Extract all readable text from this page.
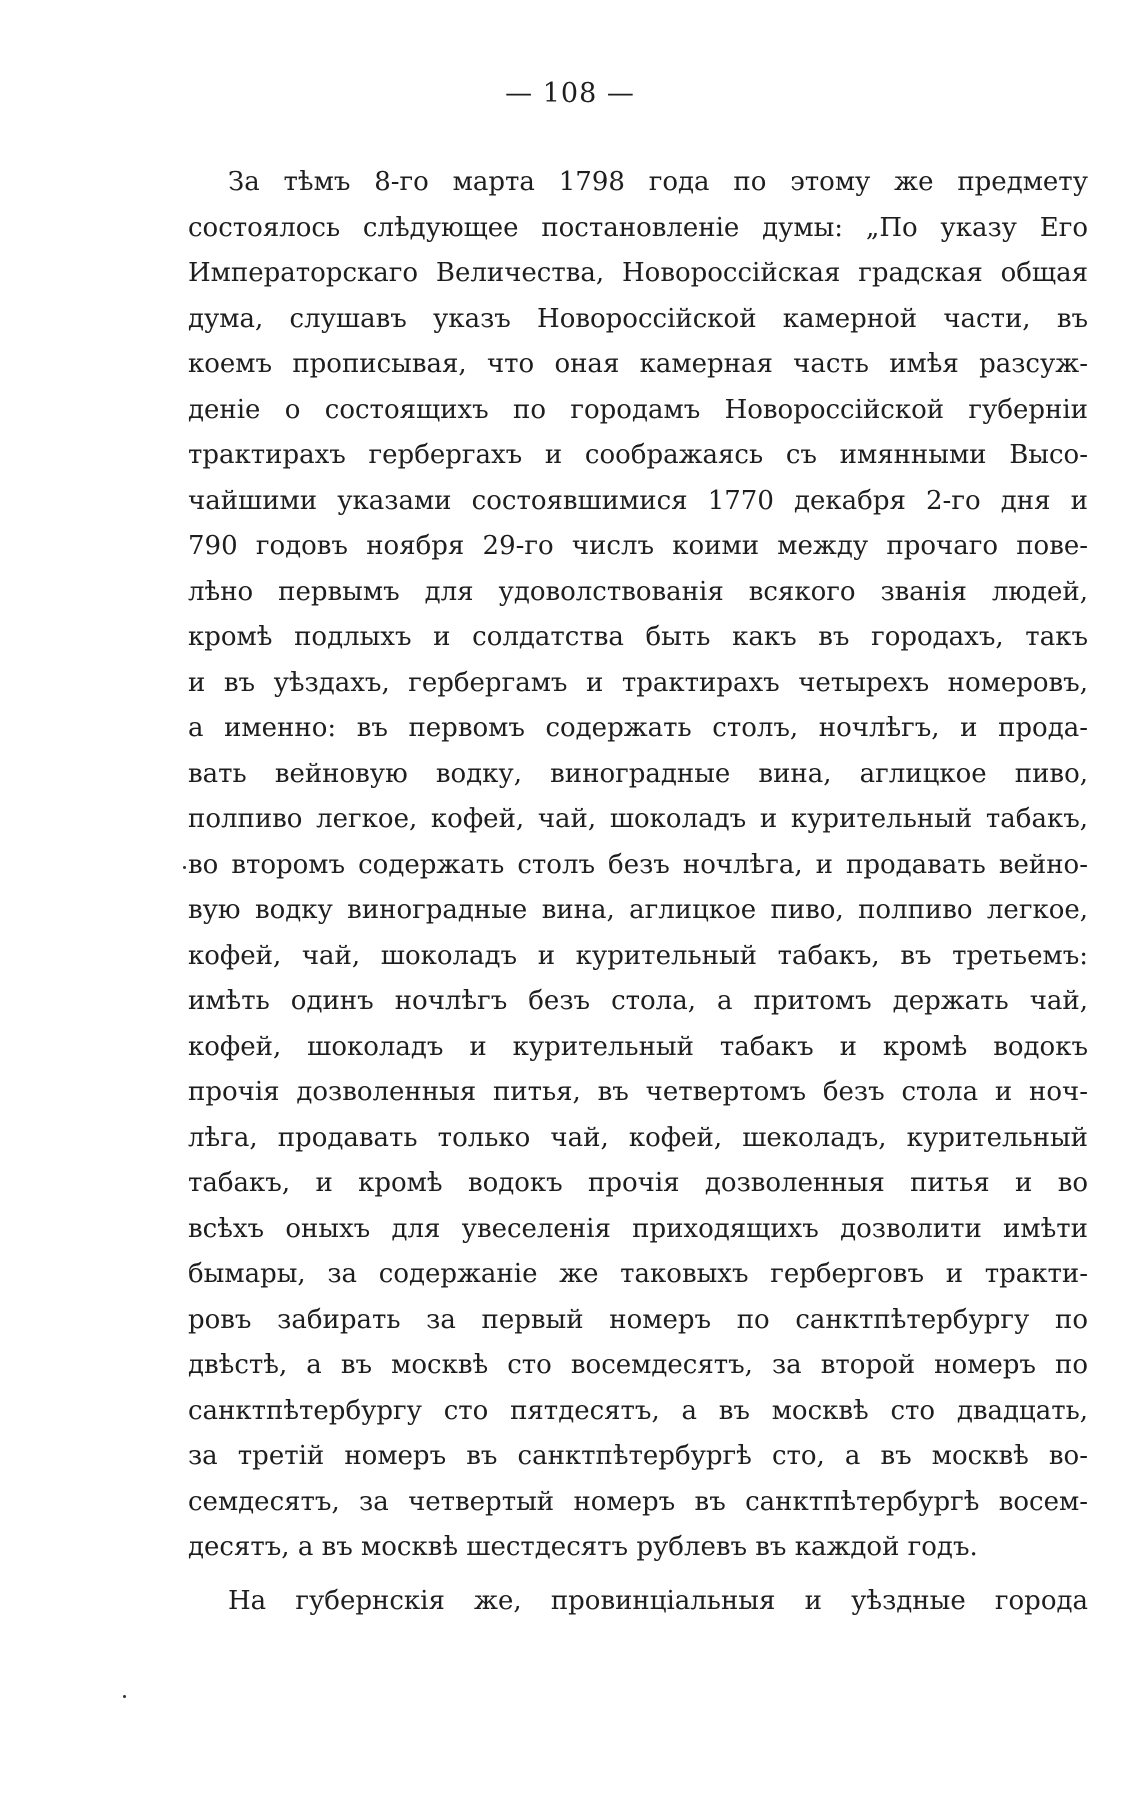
— 108 —
За тѣмъ 8-го марта 1798 года по этому же предмету
состоялось слѣдующее постановленіе думы: „По указу Его
Императорскаго Величества, Новороссійская градская общая
дума, слушавъ указъ Новороссійской камерной части, въ
коемъ прописывая, что оная камерная часть имѣя разсуж-
деніе о состоящихъ по городамъ Новороссійской губерніи
трактирахъ гербергахъ и соображаясь съ имянными Высо-
чайшими указами состоявшимися 1770 декабря 2-го дня и
790 годовъ ноября 29-го числъ коими между прочаго пове-
лѣно первымъ для удоволствованія всякого званія людей,
кромѣ подлыхъ и солдатства быть какъ въ городахъ, такъ
и въ уѣздахъ, гербергамъ и трактирахъ четырехъ номеровъ,
а именно: въ первомъ содержать столъ, ночлѣгъ, и прода-
вать вейновую водку, виноградные вина, аглицкое пиво,
полпиво легкое, кофей, чай, шоколадъ и курительный табакъ,
во второмъ содержать столъ безъ ночлѣга, и продавать вейно-
вую водку виноградные вина, аглицкое пиво, полпиво легкое,
кофей, чай, шоколадъ и курительный табакъ, въ третьемъ:
имѣть одинъ ночлѣгъ безъ стола, а притомъ держать чай,
кофей, шоколадъ и курительный табакъ и кромѣ водокъ
прочія дозволенныя питья, въ четвертомъ безъ стола и ноч-
лѣга, продавать только чай, кофей, шеколадъ, курительный
табакъ, и кромѣ водокъ прочія дозволенныя питья и во
всѣхъ оныхъ для увеселенія приходящихъ дозволити имѣти
бымары, за содержаніе же таковыхъ герберговъ и тракти-
ровъ забирать за первый номеръ по санктпѣтербургу по
двѣстѣ, а въ москвѣ сто восемдесятъ, за второй номеръ по
санктпѣтербургу сто пятдесятъ, а въ москвѣ сто двадцать,
за третій номеръ въ санктпѣтербургѣ сто, а въ москвѣ во-
семдесятъ, за четвертый номеръ въ санктпѣтербургѣ восем-
десятъ, а въ москвѣ шестдесятъ рублевъ въ каждой годъ.
На губернскія же, провинціальныя и уѣздные города
